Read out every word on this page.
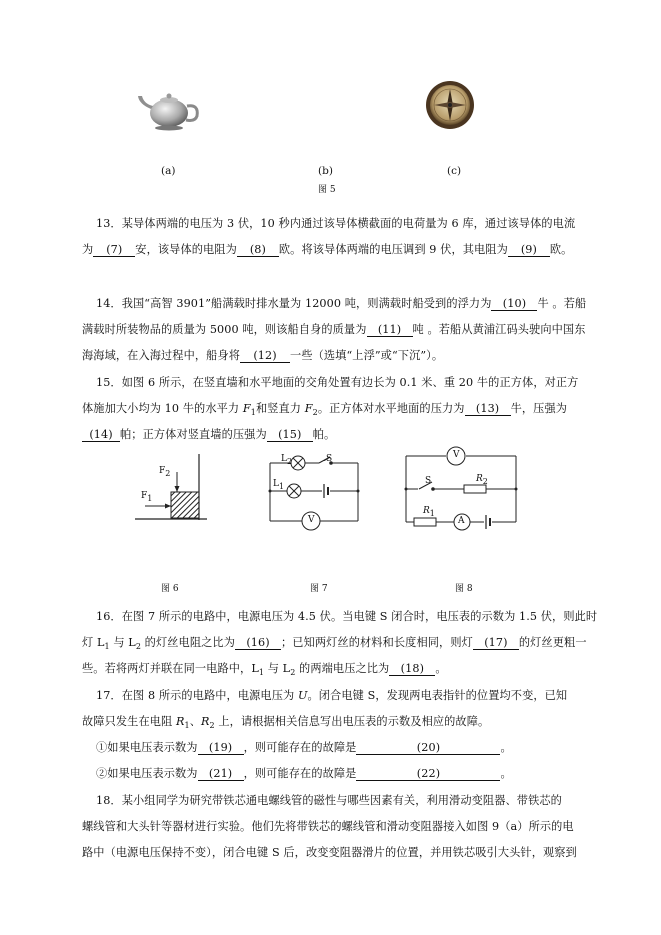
(a)	(b)	(c)
图 5
13．某导体两端的电压为 3 伏，10 秒内通过该导体横截面的电荷量为 6 库，通过该导体的电流
为 (7) 安，该导体的电阻为 (8) 欧。将该导体两端的电压调到 9 伏，其电阻为 (9) 欧。
14．我国“高智 3901”船满载时排水量为 12000 吨，则满载时船受到的浮力为 (10) 牛 。若船
满载时所装物品的质量为 5000 吨，则该船自身的质量为 (11) 吨 。若船从黄浦江码头驶向中国东
海海域，在入海过程中，船身将 (12) 一些（选填“上浮”或“下沉”）。
15．如图 6 所示，在竖直墙和水平地面的交角处置有边长为 0.1 米、重 20 牛的正方体，对正方
体施加大小均为 10 牛的水平力 $F_1$和竖直力 $F_2$。正方体对水平地面的压力为 (13) 牛，压强为
(14) 帕；正方体对竖直墙的压强为 (15) 帕。
$F_2$
$F_1$
$L_2$	S
$L_1$
V
V
S	$R_2$
$R_1$
A
图 6	图 7	图 8
16．在图 7 所示的电路中，电源电压为 4.5 伏。当电键 S 闭合时，电压表的示数为 1.5 伏，则此时
灯 $L_1$ 与 $L_2$ 的灯丝电阻之比为 (16) ；已知两灯丝的材料和长度相同，则灯 (17) 的灯丝更粗一
些。若将两灯并联在同一电路中，$L_1$ 与 $L_2$ 的两端电压之比为 (18) 。
17．在图 8 所示的电路中，电源电压为 U。闭合电键 S，发现两电表指针的位置均不变，已知
故障只发生在电阻 $R_1$、$R_2$ 上，请根据相关信息写出电压表的示数及相应的故障。
①如果电压表示数为 (19) ，则可能存在的故障是	(20)	。
②如果电压表示数为 (21) ，则可能存在的故障是	(22)	。
18．某小组同学为研究带铁芯通电螺线管的磁性与哪些因素有关，利用滑动变阻器、带铁芯的
螺线管和大头针等器材进行实验。他们先将带铁芯的螺线管和滑动变阻器接入如图 9（a）所示的电
路中（电源电压保持不变），闭合电键 S 后，改变变阻器滑片的位置，并用铁芯吸引大头针，观察到
